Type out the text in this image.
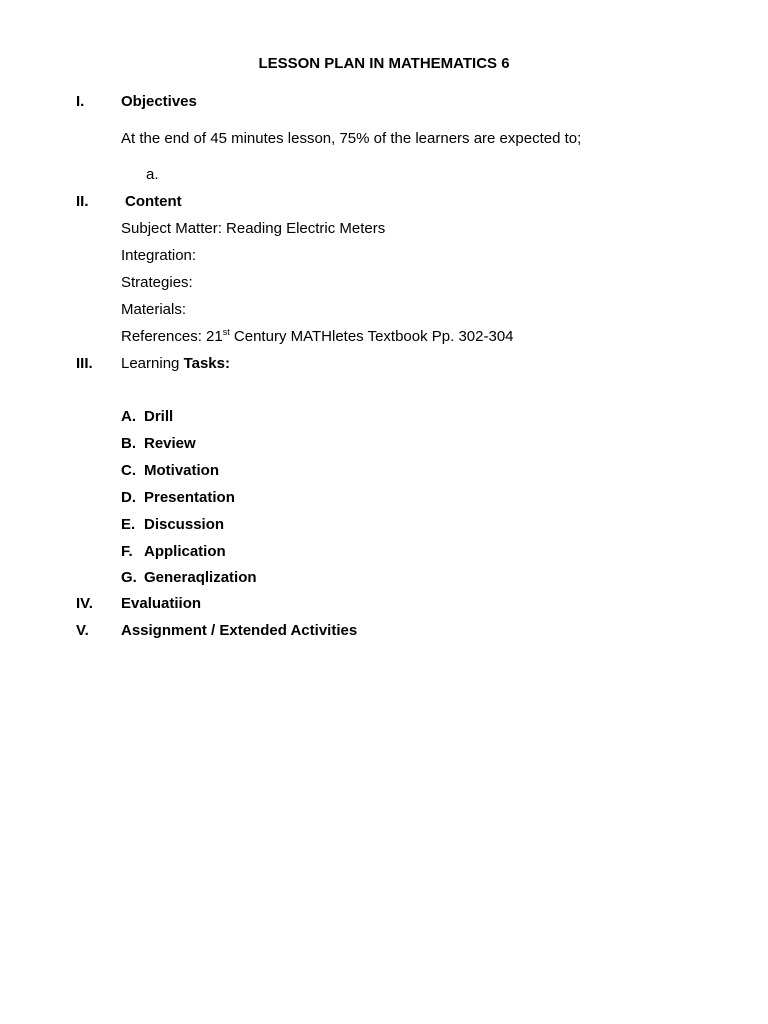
LESSON PLAN IN MATHEMATICS 6
I. Objectives
At the end of 45 minutes lesson, 75% of the learners are expected to;
a.
II. Content
Subject Matter: Reading Electric Meters
Integration:
Strategies:
Materials:
References: 21st Century MATHletes Textbook Pp. 302-304
III. Learning Tasks:
A. Drill
B. Review
C. Motivation
D. Presentation
E. Discussion
F. Application
G. Generaqlization
IV. Evaluatiion
V. Assignment / Extended Activities
